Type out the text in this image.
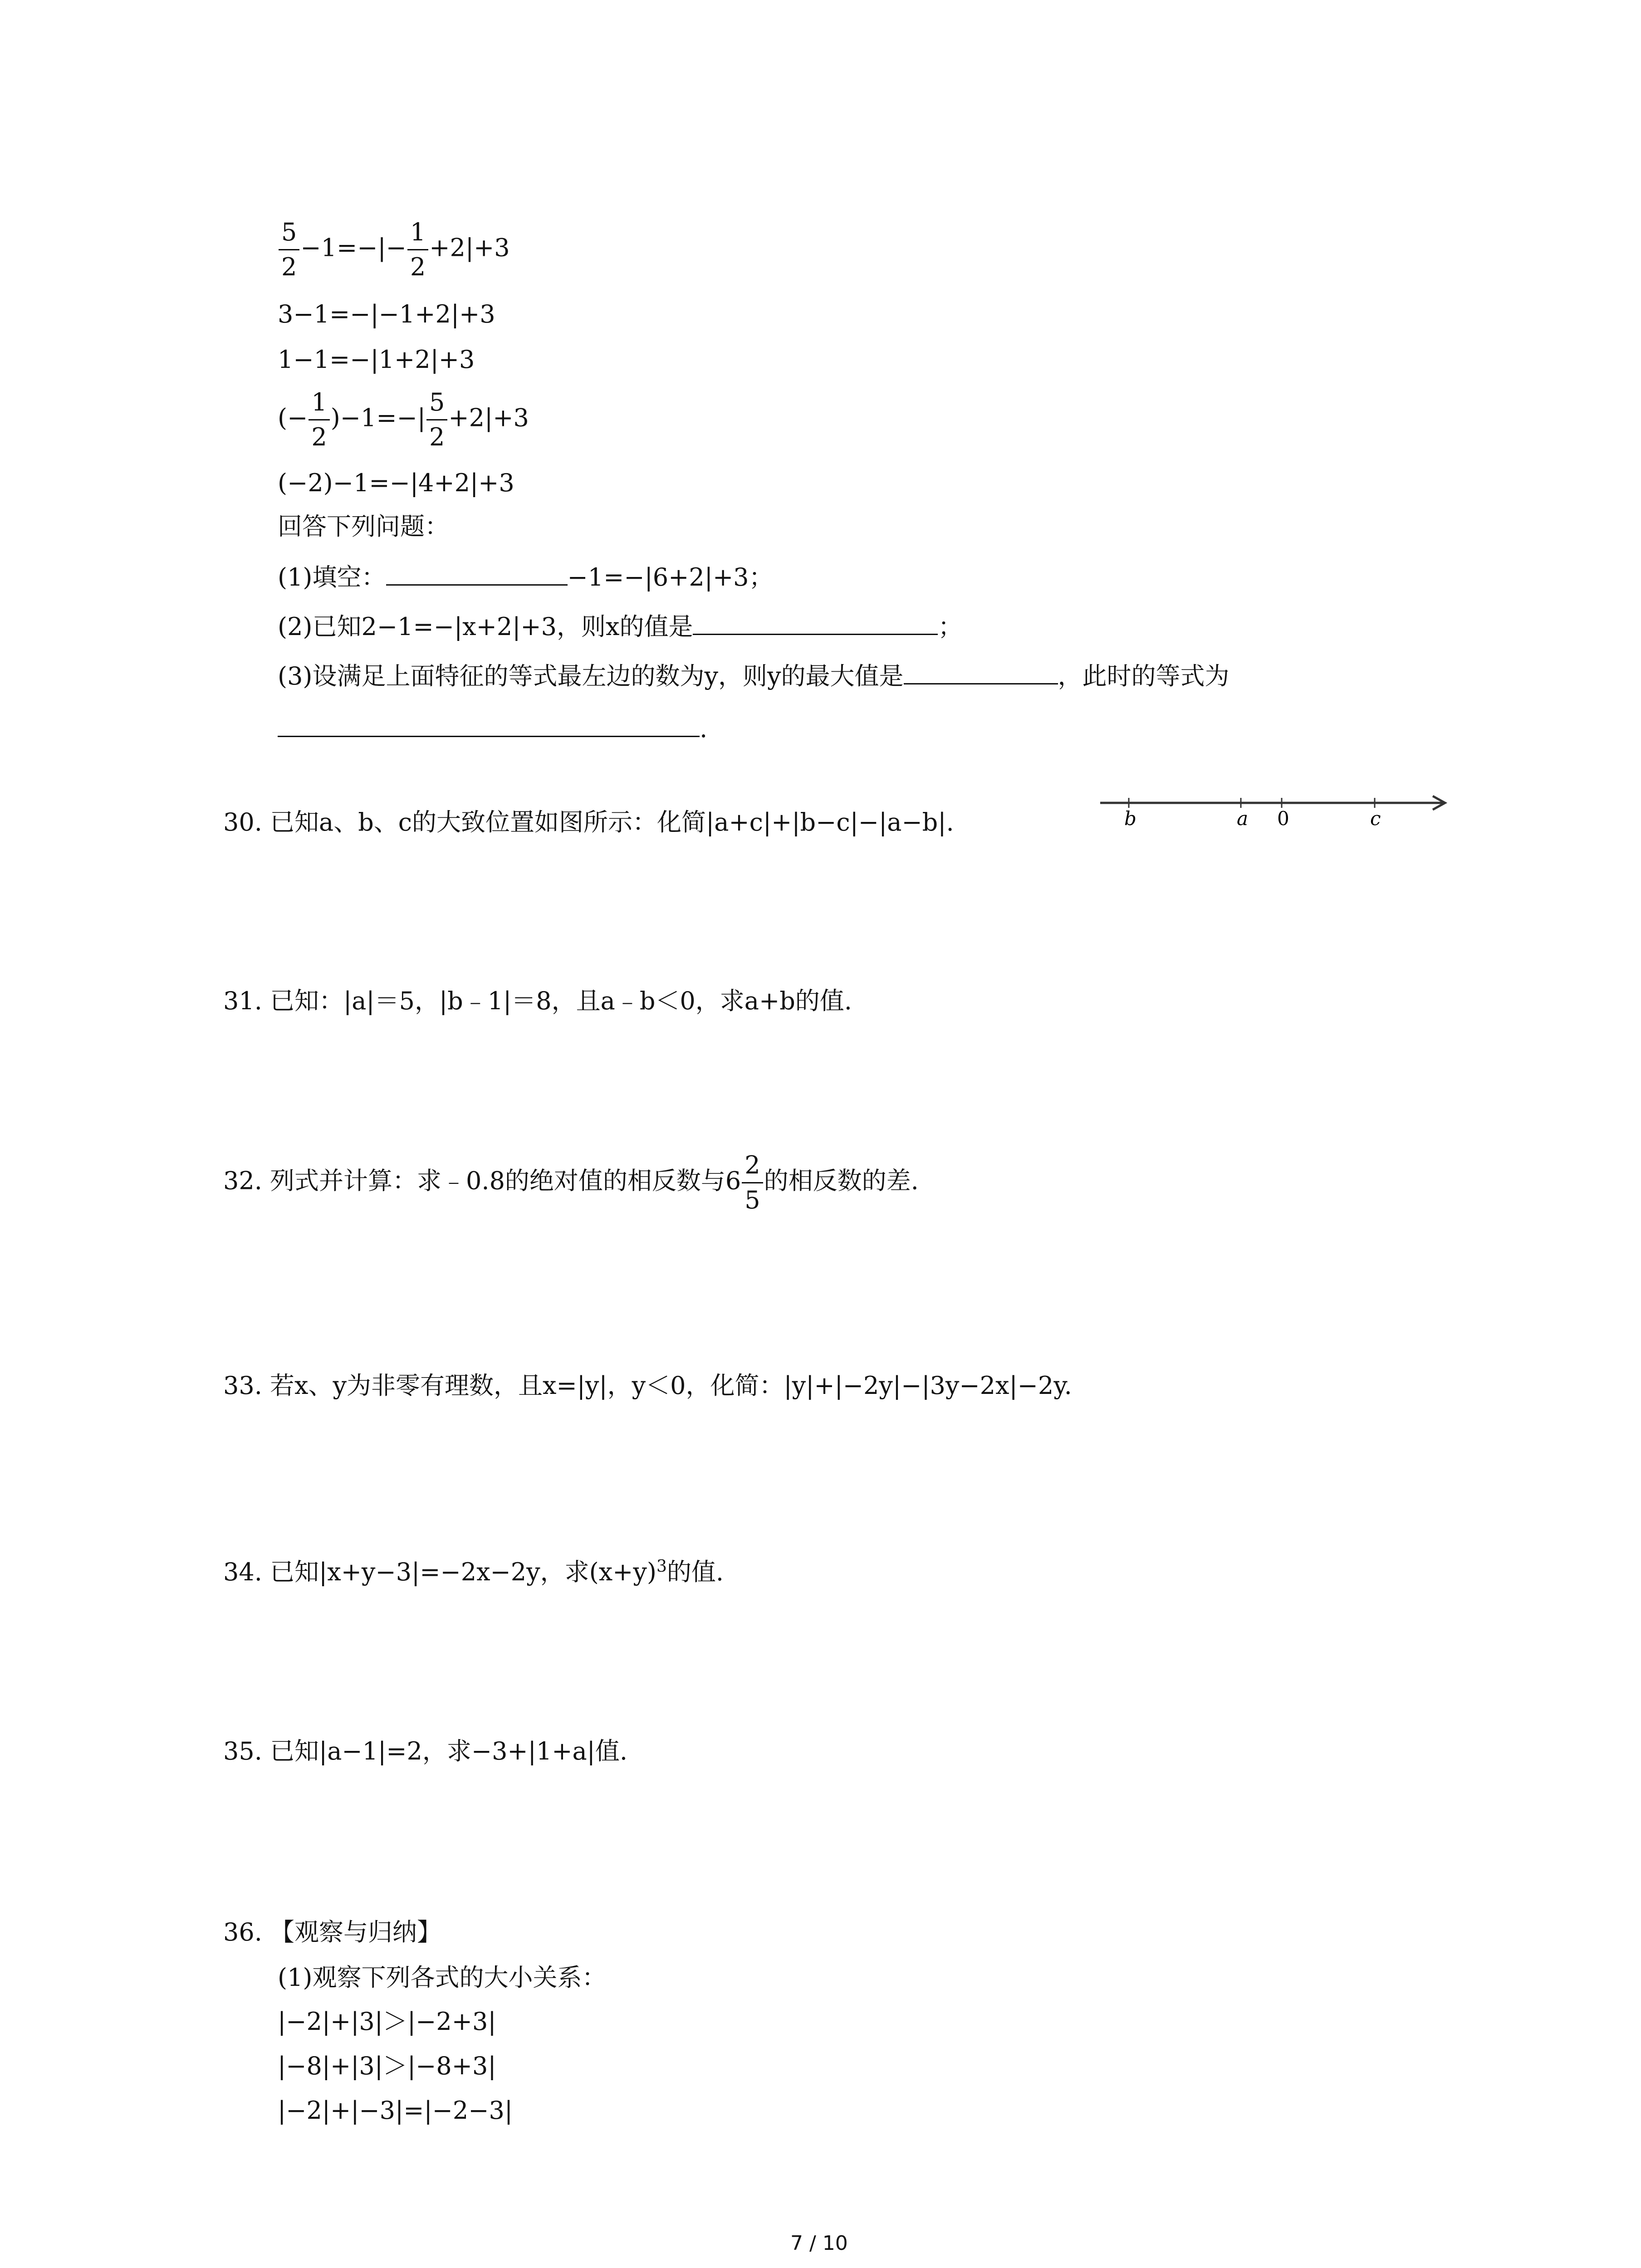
$\frac{5}{2} -1=-|- \frac{1}{2} +2|+3$
3−1=−|−1+2|+3
1−1=−|1+2|+3
(− $\frac{1}{2} )-1=-| \frac{5}{2} +2|+3$
(−2)−1=−|4+2|+3
回答下列问题：
(1)填空：	−1=−|6+2|+3；
(2)已知2−1=−|x+2|+3，则x的值是	；
(3)设满足上面特征的等式最左边的数为y，则y的最大值是	，此时的等式为
.
30. 已知a、b、c的大致位置如图所示：化简|a+c|+|b−c|−|a−b|.	b	a 0	c
31. 已知：|a|＝5，|b﹣1|＝8，且a﹣b＜0，求a+b的值.
32. 列式并计算：求﹣0.8的绝对值的相反数与$6 \frac{2}{5}$ 的相反数的差.
33. 若x、y为非零有理数，且x=|y|，y＜0，化简：|y|+|−2y|−|3y−2x|−2y.
34. 已知|x+y−3|=−2x−2y，求$(x+y)^3$的值.
35. 已知|a−1|=2，求−3+|1+a|值.
36. 【观察与归纳】
(1)观察下列各式的大小关系：
|−2|+|3|＞|−2+3|
|−8|+|3|＞|−8+3|
|−2|+|−3|=|−2−3|
7 / 10
